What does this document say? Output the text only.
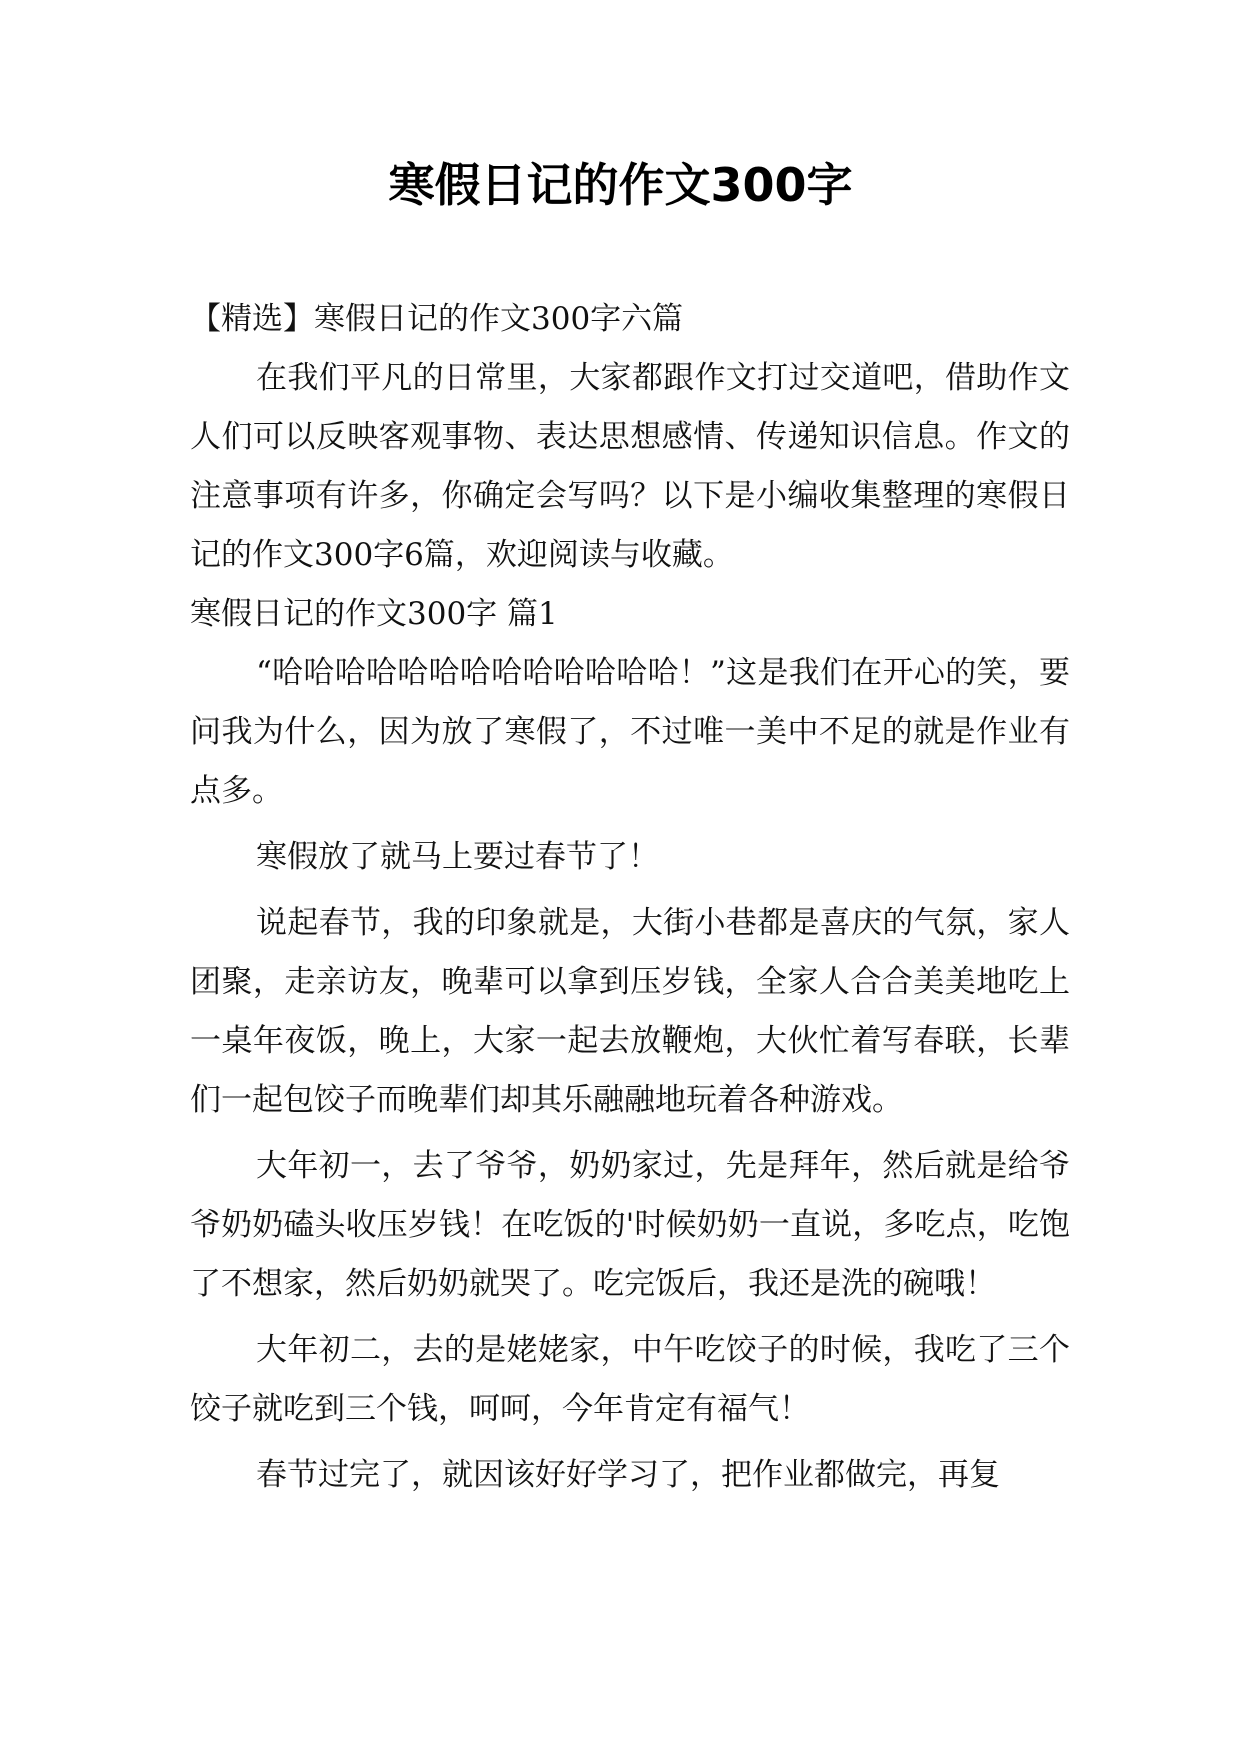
寒假日记的作文300字

【精选】寒假日记的作文300字六篇

在我们平凡的日常里，大家都跟作文打过交道吧，借助作文人们可以反映客观事物、表达思想感情、传递知识信息。作文的注意事项有许多，你确定会写吗？以下是小编收集整理的寒假日记的作文300字6篇，欢迎阅读与收藏。

寒假日记的作文300字 篇1

“哈哈哈哈哈哈哈哈哈哈哈哈哈！”这是我们在开心的笑，要问我为什么，因为放了寒假了，不过唯一美中不足的就是作业有点多。

寒假放了就马上要过春节了！

说起春节，我的印象就是，大街小巷都是喜庆的气氛，家人团聚，走亲访友，晚辈可以拿到压岁钱，全家人合合美美地吃上一桌年夜饭，晚上，大家一起去放鞭炮，大伙忙着写春联，长辈们一起包饺子而晚辈们却其乐融融地玩着各种游戏。

大年初一，去了爷爷，奶奶家过，先是拜年，然后就是给爷爷奶奶磕头收压岁钱！在吃饭的'时候奶奶一直说，多吃点，吃饱了不想家，然后奶奶就哭了。吃完饭后，我还是洗的碗哦！

大年初二，去的是姥姥家，中午吃饺子的时候，我吃了三个饺子就吃到三个钱，呵呵，今年肯定有福气！

春节过完了，就因该好好学习了，把作业都做完，再复
